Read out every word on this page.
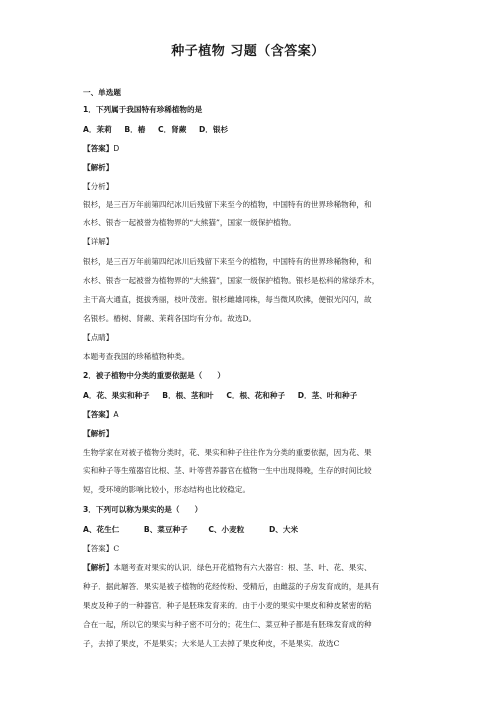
种子植物 习题（含答案）
一、单选题
1．下列属于我国特有珍稀植物的是
A．茉莉 B．樁 C．肾蕨 D．银杉
【答案】D
【解析】
【分析】
银杉，是三百万年前第四纪冰川后残留下来至今的植物，中国特有的世界珍稀物种，和
水杉、银杏一起被誉为植物界的“大熊猫”，国家一级保护植物。
【详解】
银杉，是三百万年前第四纪冰川后残留下来至今的植物，中国特有的世界珍稀物种，和
水杉、银杏一起被誉为植物界的“大熊猫”，国家一级保护植物。银杉是松科的常绿乔木，
主干高大通直，挺拔秀丽，枝叶茂密。银杉雌雄同株，每当微风吹拂，便银光闪闪，故
名银杉。樁树、肾蕨、茉莉各国均有分布。故选D。
【点睛】
本题考查我国的珍稀植物种类。
2．被子植物中分类的重要依据是（　　）
A．花、果实和种子 B．根、茎和叶 C．根、花和种子 D．茎、叶和种子
【答案】A
【解析】
生物学家在对被子植物分类时，花、果实和种子往往作为分类的重要依据，因为花、果
实和种子等生殖器官比根、茎、叶等营养器官在植物一生中出现得晚，生存的时间比较
短，受环境的影响比较小，形态结构也比较稳定。
3．下列可以称为果实的是（　　）
A、花生仁	B、菜豆种子	C、小麦粒	D、大米
【答案】C
【解析】本题考查对果实的认识．绿色开花植物有六大器官：根、茎、叶、花、果实、
种子．据此解答．果实是被子植物的花经传粉、受精后，由雌蕊的子房发育成的，是具有
果皮及种子的一种器官．种子是胚珠发育来的．由于小麦的果实中果皮和种皮紧密的粘
合在一起，所以它的果实与种子密不可分的；花生仁、菜豆种子都是有胚珠发育成的种
子，去掉了果皮，不是果实；大米是人工去掉了果皮种皮，不是果实．故选C
